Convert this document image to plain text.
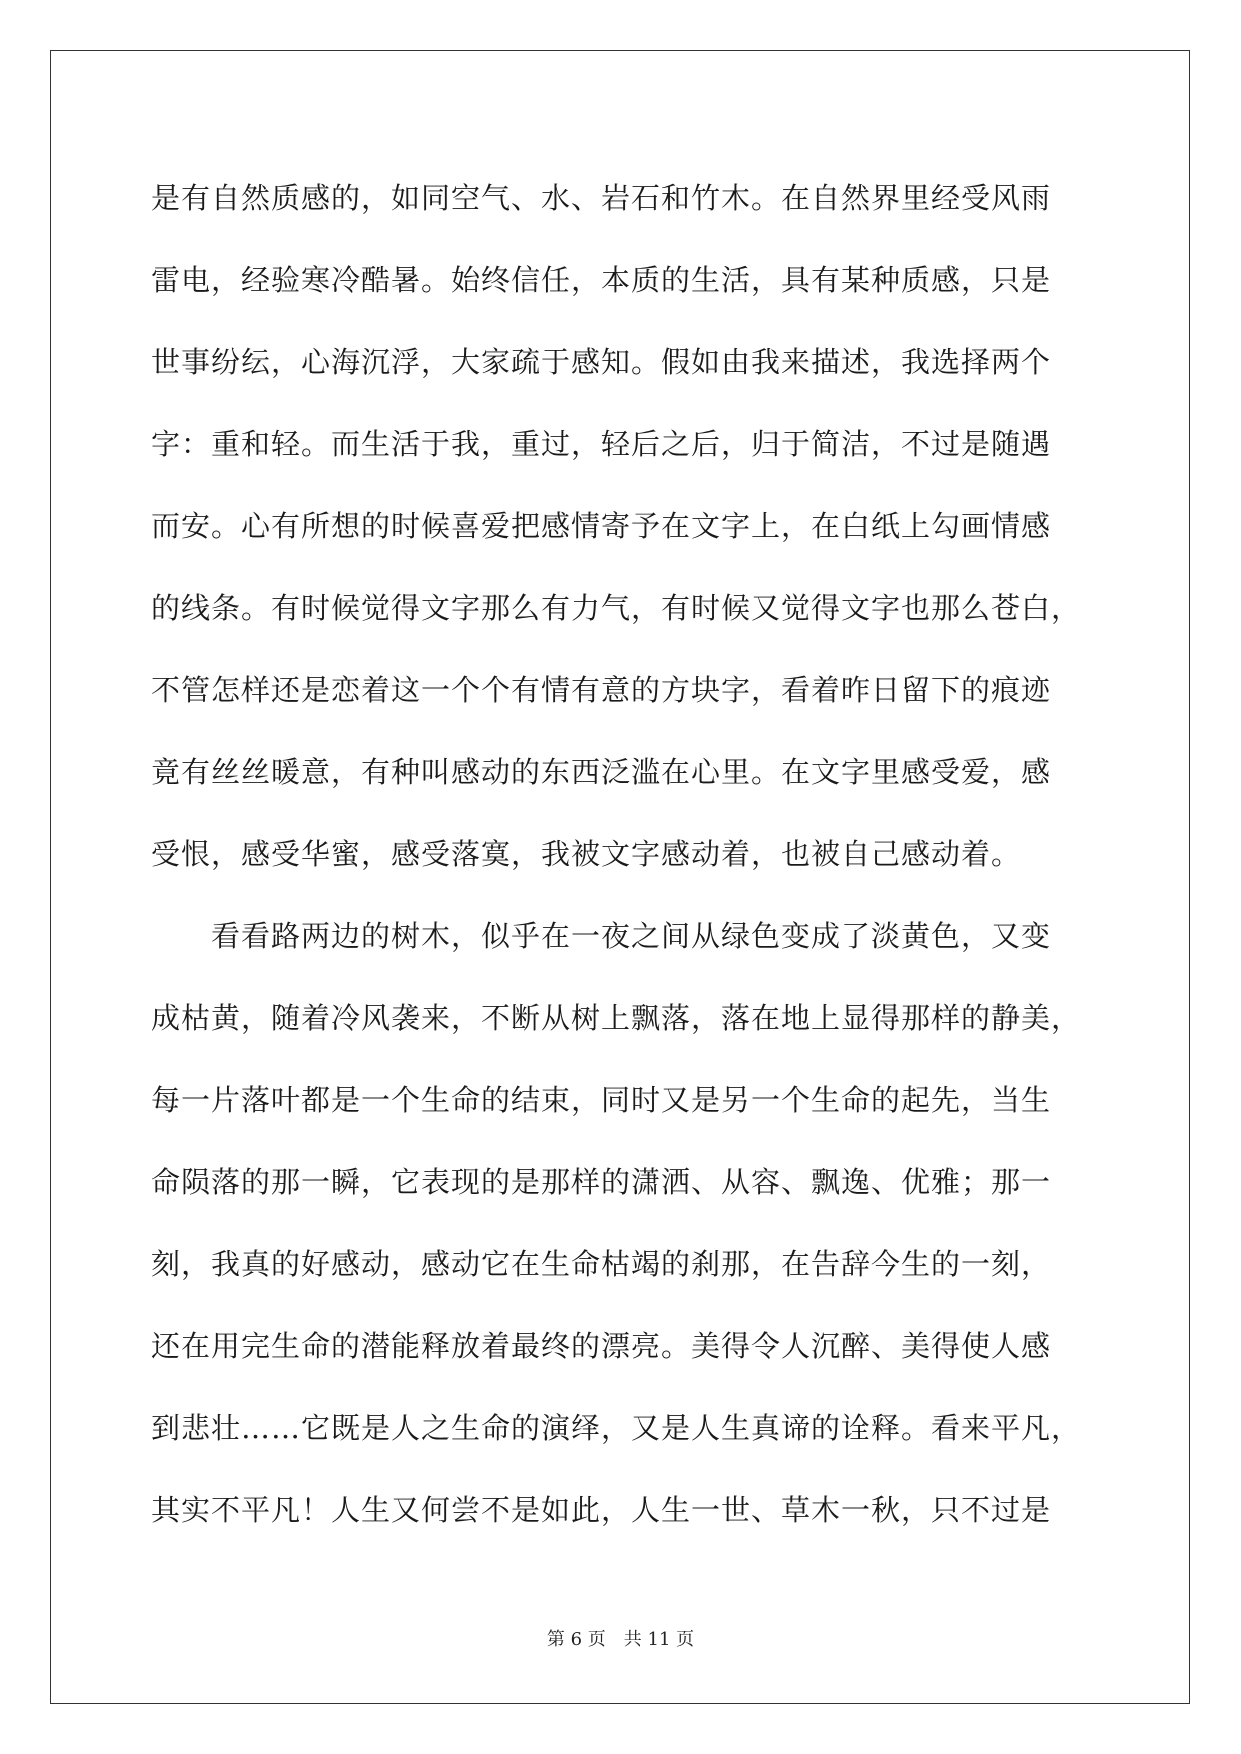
是有自然质感的，如同空气、水、岩石和竹木。在自然界里经受风雨
雷电，经验寒冷酷暑。始终信任，本质的生活，具有某种质感，只是
世事纷纭，心海沉浮，大家疏于感知。假如由我来描述，我选择两个
字：重和轻。而生活于我，重过，轻后之后，归于简洁，不过是随遇
而安。心有所想的时候喜爱把感情寄予在文字上，在白纸上勾画情感
的线条。有时候觉得文字那么有力气，有时候又觉得文字也那么苍白，
不管怎样还是恋着这一个个有情有意的方块字，看着昨日留下的痕迹
竟有丝丝暖意，有种叫感动的东西泛滥在心里。在文字里感受爱，感
受恨，感受华蜜，感受落寞，我被文字感动着，也被自己感动着。
　　看看路两边的树木，似乎在一夜之间从绿色变成了淡黄色，又变
成枯黄，随着冷风袭来，不断从树上飘落，落在地上显得那样的静美，
每一片落叶都是一个生命的结束，同时又是另一个生命的起先，当生
命陨落的那一瞬，它表现的是那样的潇洒、从容、飘逸、优雅；那一
刻，我真的好感动，感动它在生命枯竭的刹那，在告辞今生的一刻，
还在用完生命的潜能释放着最终的漂亮。美得令人沉醉、美得使人感
到悲壮……它既是人之生命的演绎，又是人生真谛的诠释。看来平凡，
其实不平凡！人生又何尝不是如此，人生一世、草木一秋，只不过是
第 6 页 共 11 页
